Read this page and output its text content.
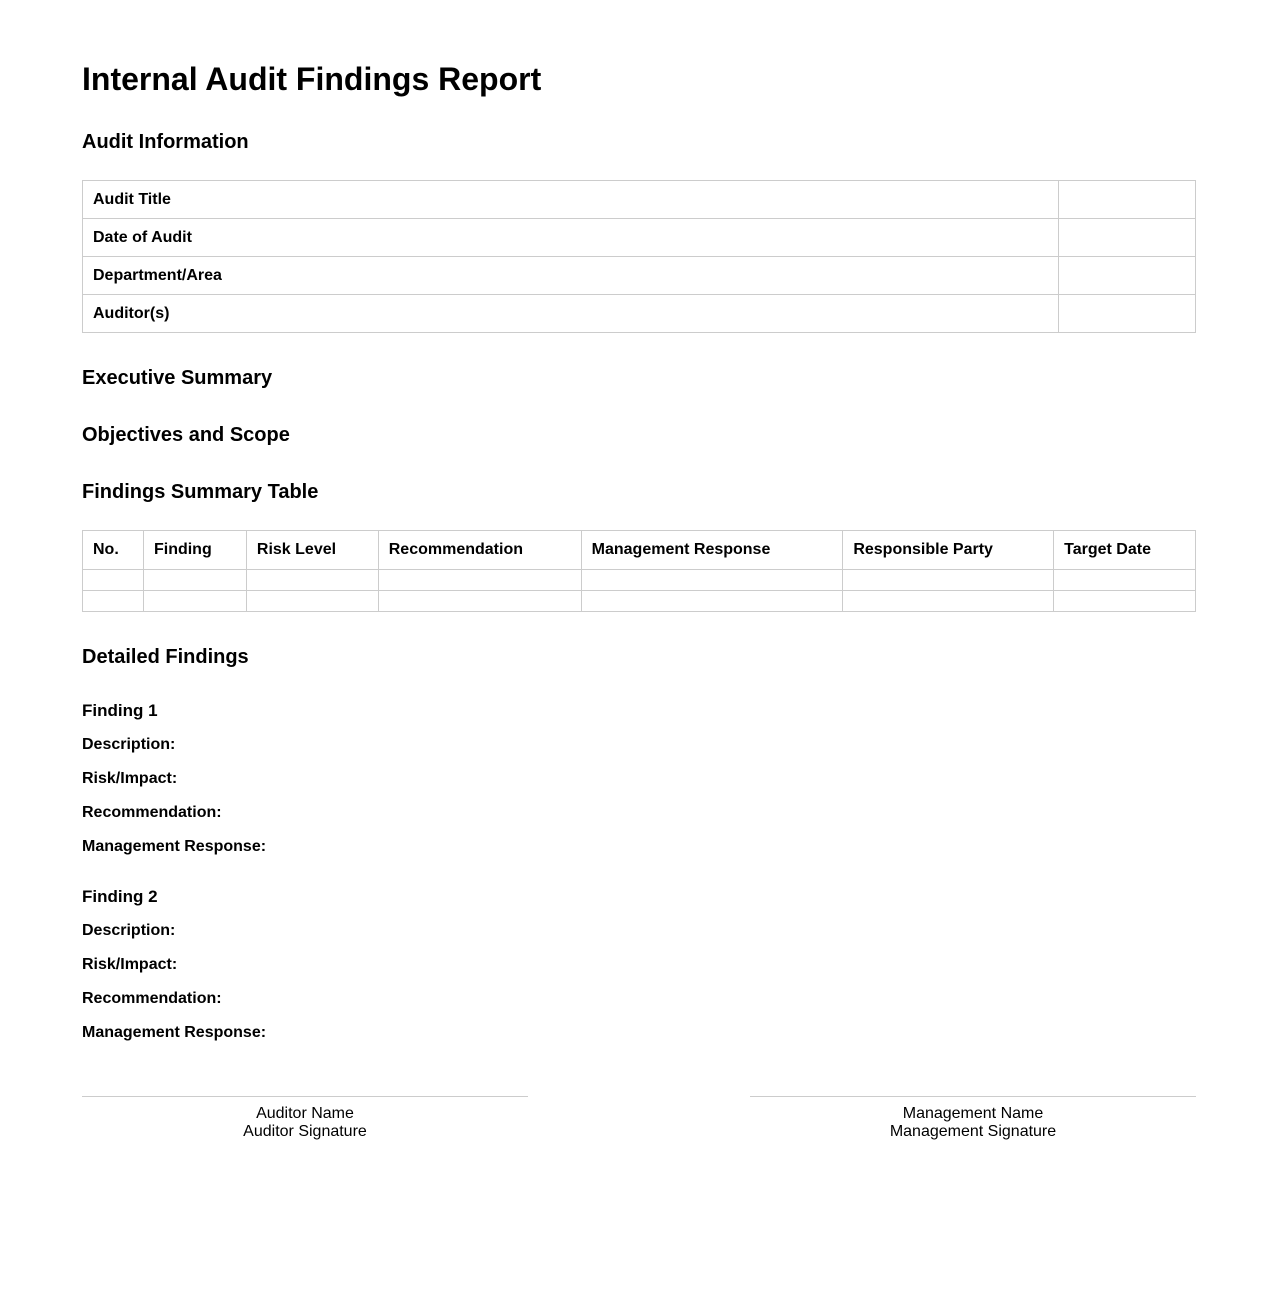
Internal Audit Findings Report
Audit Information
Audit Title	
Date of Audit	
Department/Area	
Auditor(s)	
Executive Summary
Objectives and Scope
Findings Summary Table
No.	Finding	Risk Level	Recommendation	Management Response	Responsible Party	Target Date

Detailed Findings
Finding 1
Description:
Risk/Impact:
Recommendation:
Management Response:
Finding 2
Description:
Risk/Impact:
Recommendation:
Management Response:
Auditor Name
Auditor Signature
Management Name
Management Signature
